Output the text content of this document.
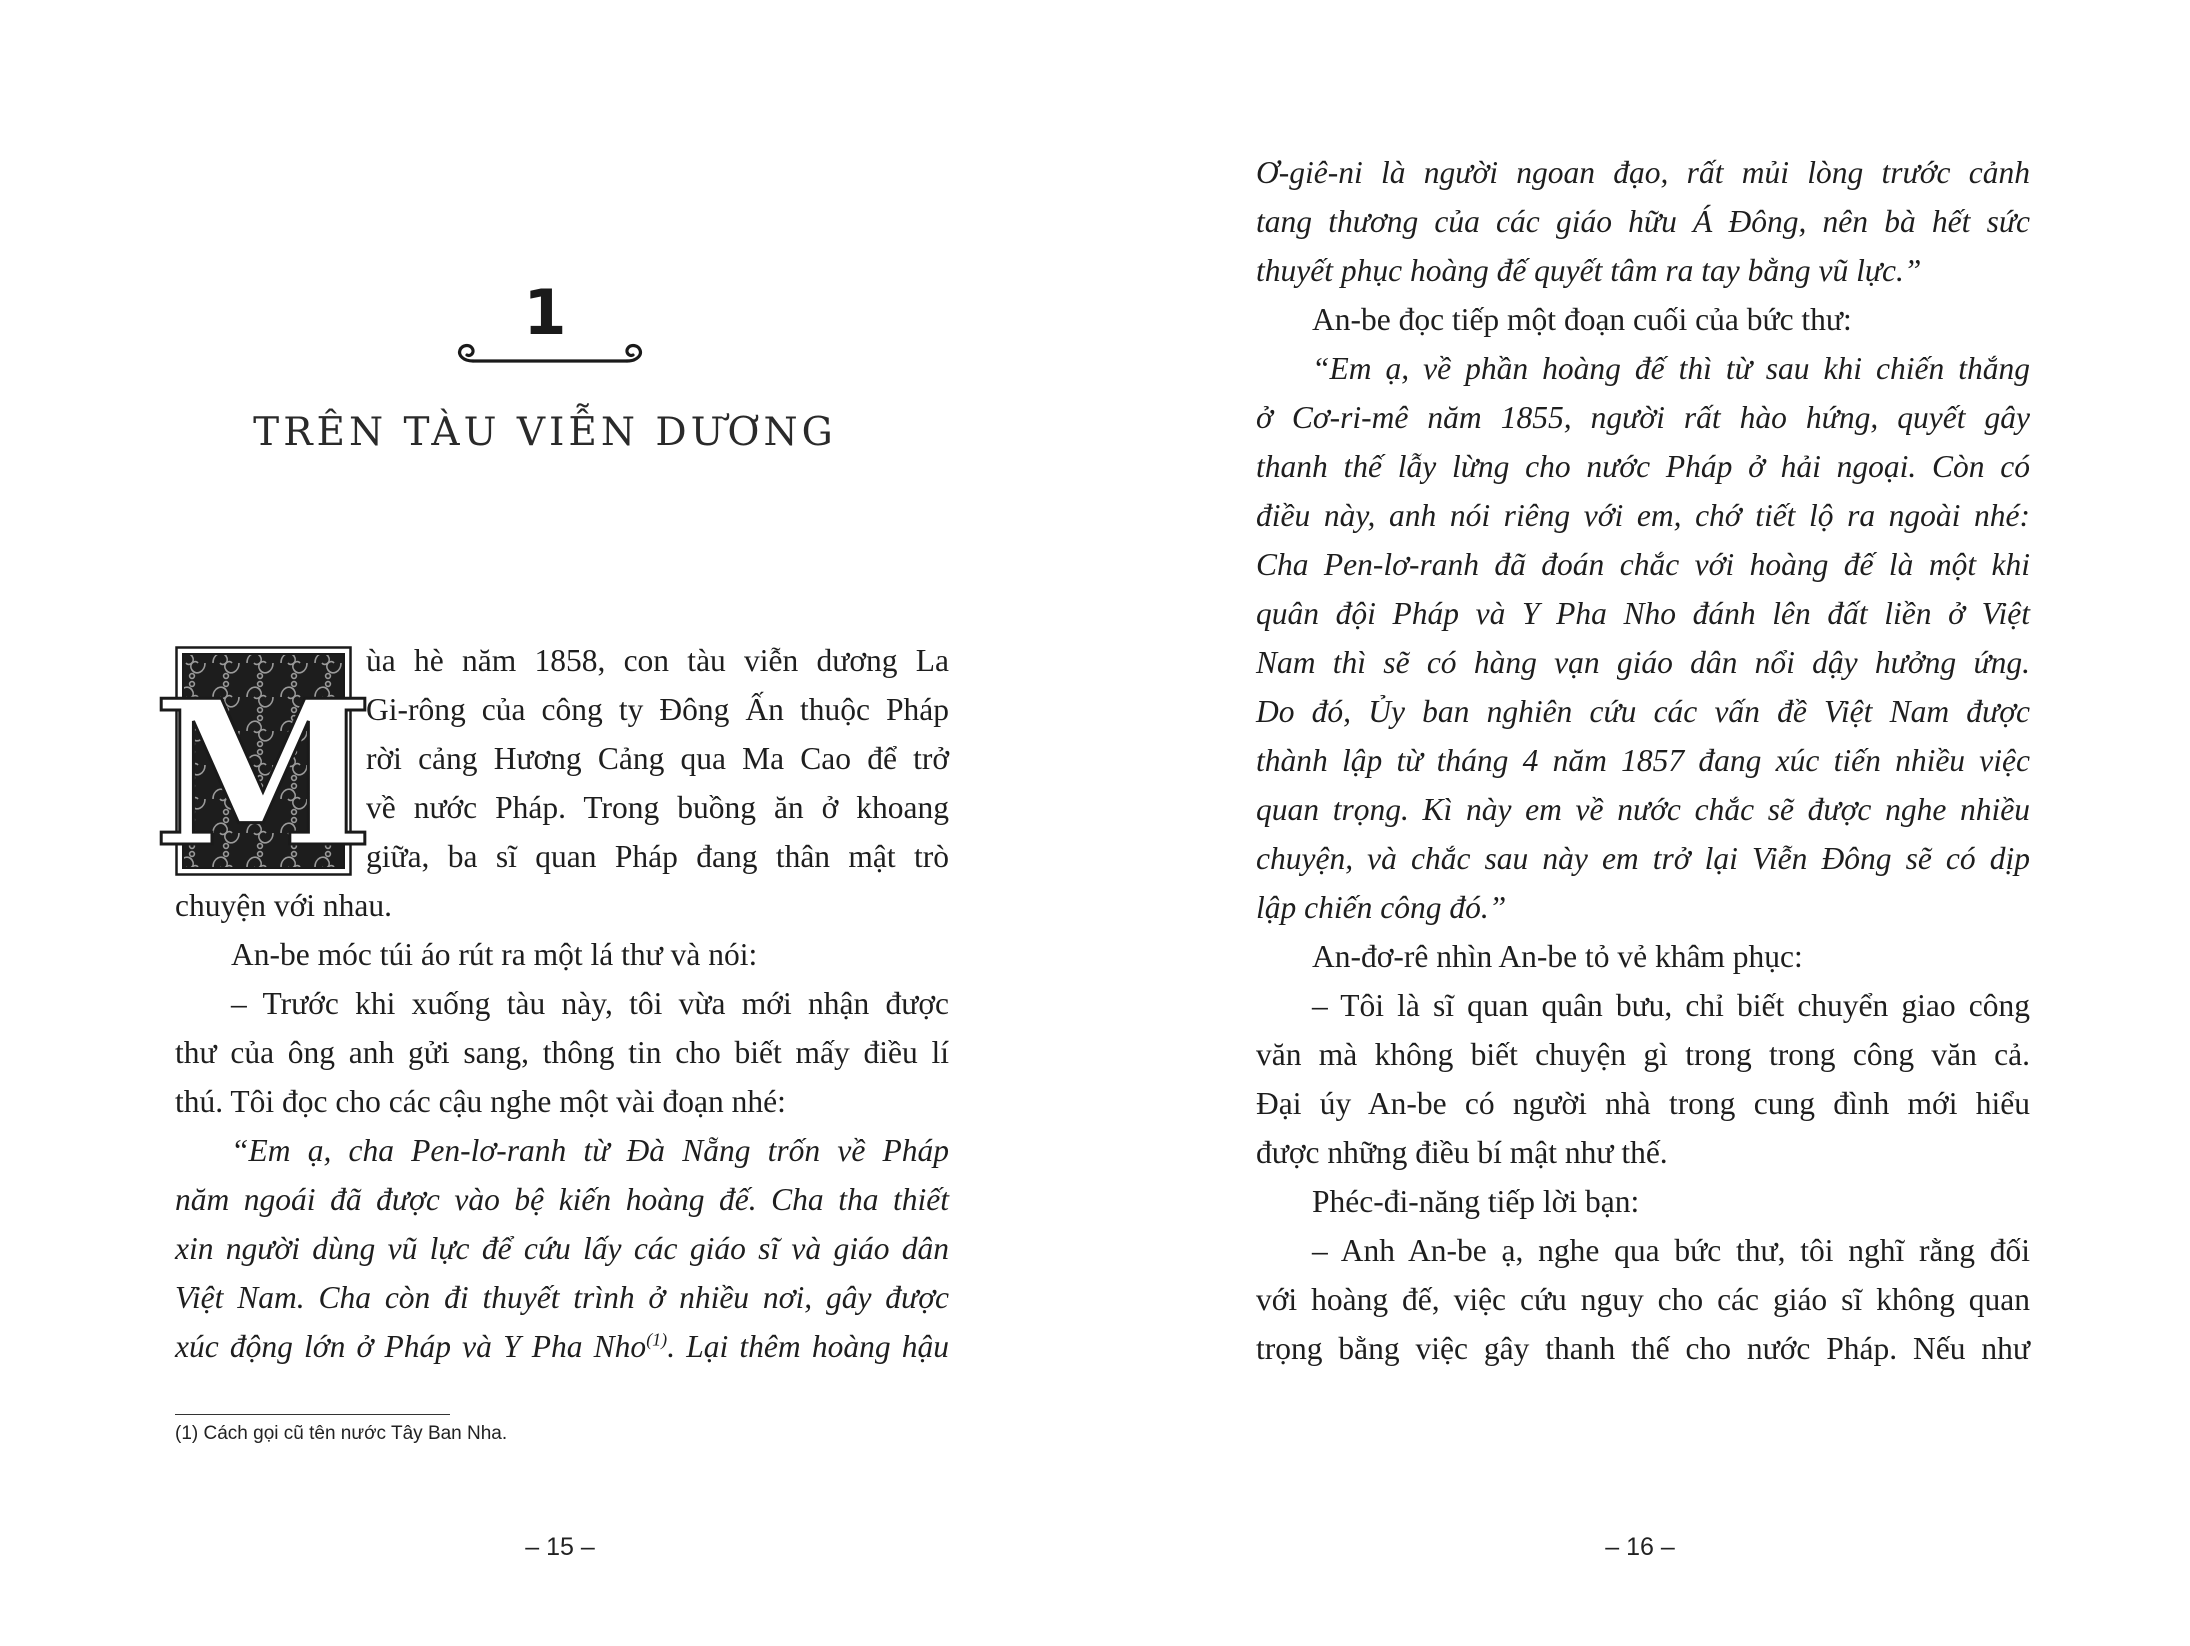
1
TRÊN TÀU VIỄN DƯƠNG
M
ùa hè năm 1858, con tàu viễn dương La
Gi-rông của công ty Đông Ấn thuộc Pháp
rời cảng Hương Cảng qua Ma Cao để trở
về nước Pháp. Trong buồng ăn ở khoang
giữa, ba sĩ quan Pháp đang thân mật trò
chuyện với nhau.
An-be móc túi áo rút ra một lá thư và nói:
– Trước khi xuống tàu này, tôi vừa mới nhận được
thư của ông anh gửi sang, thông tin cho biết mấy điều lí
thú. Tôi đọc cho các cậu nghe một vài đoạn nhé:
“Em ạ, cha Pen-lơ-ranh từ Đà Nẵng trốn về Pháp
năm ngoái đã được vào bệ kiến hoàng đế. Cha tha thiết
xin người dùng vũ lực để cứu lấy các giáo sĩ và giáo dân
Việt Nam. Cha còn đi thuyết trình ở nhiều nơi, gây được
xúc động lớn ở Pháp và Y Pha Nho$^{(1)}$. Lại thêm hoàng hậu
(1) Cách gọi cũ tên nước Tây Ban Nha.
– 15 –
Ơ-giê-ni là người ngoan đạo, rất mủi lòng trước cảnh
tang thương của các giáo hữu Á Đông, nên bà hết sức
thuyết phục hoàng đế quyết tâm ra tay bằng vũ lực.”
An-be đọc tiếp một đoạn cuối của bức thư:
“Em ạ, về phần hoàng đế thì từ sau khi chiến thắng
ở Cơ-ri-mê năm 1855, người rất hào hứng, quyết gây
thanh thế lẫy lừng cho nước Pháp ở hải ngoại. Còn có
điều này, anh nói riêng với em, chớ tiết lộ ra ngoài nhé:
Cha Pen-lơ-ranh đã đoán chắc với hoàng đế là một khi
quân đội Pháp và Y Pha Nho đánh lên đất liền ở Việt
Nam thì sẽ có hàng vạn giáo dân nổi dậy hưởng ứng.
Do đó, Ủy ban nghiên cứu các vấn đề Việt Nam được
thành lập từ tháng 4 năm 1857 đang xúc tiến nhiều việc
quan trọng. Kì này em về nước chắc sẽ được nghe nhiều
chuyện, và chắc sau này em trở lại Viễn Đông sẽ có dịp
lập chiến công đó.”
An-đơ-rê nhìn An-be tỏ vẻ khâm phục:
– Tôi là sĩ quan quân bưu, chỉ biết chuyển giao công
văn mà không biết chuyện gì trong trong công văn cả.
Đại úy An-be có người nhà trong cung đình mới hiểu
được những điều bí mật như thế.
Phéc-đi-năng tiếp lời bạn:
– Anh An-be ạ, nghe qua bức thư, tôi nghĩ rằng đối
với hoàng đế, việc cứu nguy cho các giáo sĩ không quan
trọng bằng việc gây thanh thế cho nước Pháp. Nếu như
– 16 –
